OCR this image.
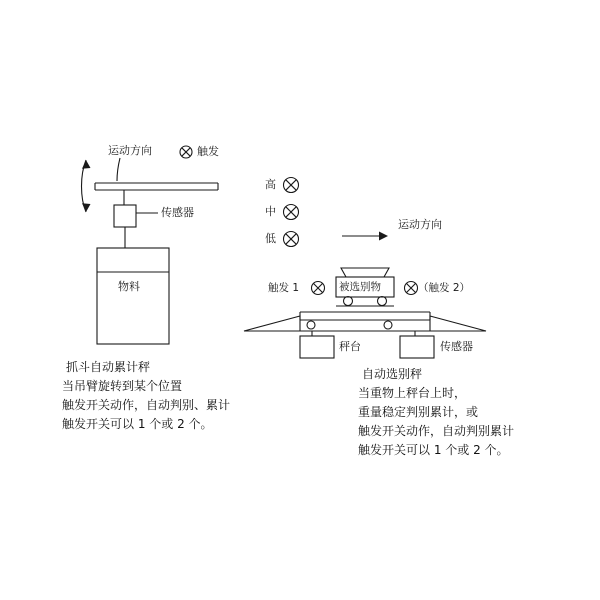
运动方向	触发
传感器
物料
高
中
低
运动方向
触发 1	（触发 2）
被选别物
秤台	传感器
抓斗自动累计秤
当吊臂旋转到某个位置
触发开关动作，自动判别、累计
触发开关可以 1 个或 2 个。
自动选别秤
当重物上秤台上时，
重量稳定判别累计，或
触发开关动作，自动判别累计
触发开关可以 1 个或 2 个。
